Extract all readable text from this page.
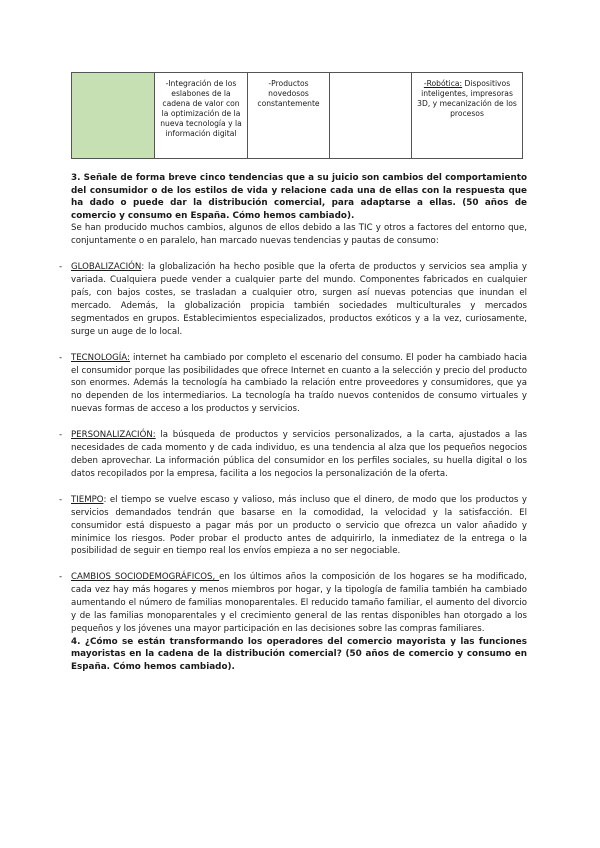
	-Integración de los eslabones de la cadena de valor con la optimización de la nueva tecnología y la información digital	-Productos novedosos constantemente		-Robótica: Dispositivos inteligentes, impresoras 3D, y mecanización de los procesos

3. Señale de forma breve cinco tendencias que a su juicio son cambios del comportamiento del consumidor o de los estilos de vida y relacione cada una de ellas con la respuesta que ha dado o puede dar la distribución comercial, para adaptarse a ellas. (50 años de comercio y consumo en España. Cómo hemos cambiado).

Se han producido muchos cambios, algunos de ellos debido a las TIC y otros a factores del entorno que, conjuntamente o en paralelo, han marcado nuevas tendencias y pautas de consumo:

- GLOBALIZACIÓN: la globalización ha hecho posible que la oferta de productos y servicios sea amplia y variada. Cualquiera puede vender a cualquier parte del mundo. Componentes fabricados en cualquier país, con bajos costes, se trasladan a cualquier otro, surgen así nuevas potencias que inundan el mercado. Además, la globalización propicia también sociedades multiculturales y mercados segmentados en grupos. Establecimientos especializados, productos exóticos y a la vez, curiosamente, surge un auge de lo local.
- TECNOLOGÍA: internet ha cambiado por completo el escenario del consumo. El poder ha cambiado hacia el consumidor porque las posibilidades que ofrece Internet en cuanto a la selección y precio del producto son enormes. Además la tecnología ha cambiado la relación entre proveedores y consumidores, que ya no dependen de los intermediarios. La tecnología ha traído nuevos contenidos de consumo virtuales y nuevas formas de acceso a los productos y servicios.
- PERSONALIZACIÓN: la búsqueda de productos y servicios personalizados, a la carta, ajustados a las necesidades de cada momento y de cada individuo, es una tendencia al alza que los pequeños negocios deben aprovechar. La información pública del consumidor en los perfiles sociales, su huella digital o los datos recopilados por la empresa, facilita a los negocios la personalización de la oferta.
- TIEMPO: el tiempo se vuelve escaso y valioso, más incluso que el dinero, de modo que los productos y servicios demandados tendrán que basarse en la comodidad, la velocidad y la satisfacción. El consumidor está dispuesto a pagar más por un producto o servicio que ofrezca un valor añadido y minimice los riesgos. Poder probar el producto antes de adquirirlo, la inmediatez de la entrega o la posibilidad de seguir en tiempo real los envíos empieza a no ser negociable.
- CAMBIOS SOCIODEMOGRÁFICOS, en los últimos años la composición de los hogares se ha modificado, cada vez hay más hogares y menos miembros por hogar, y la tipología de familia también ha cambiado aumentando el número de familias monoparentales. El reducido tamaño familiar, el aumento del divorcio y de las familias monoparentales y el crecimiento general de las rentas disponibles han otorgado a los pequeños y los jóvenes una mayor participación en las decisiones sobre las compras familiares.

4. ¿Cómo se están transformando los operadores del comercio mayorista y las funciones mayoristas en la cadena de la distribución comercial? (50 años de comercio y consumo en España. Cómo hemos cambiado).
